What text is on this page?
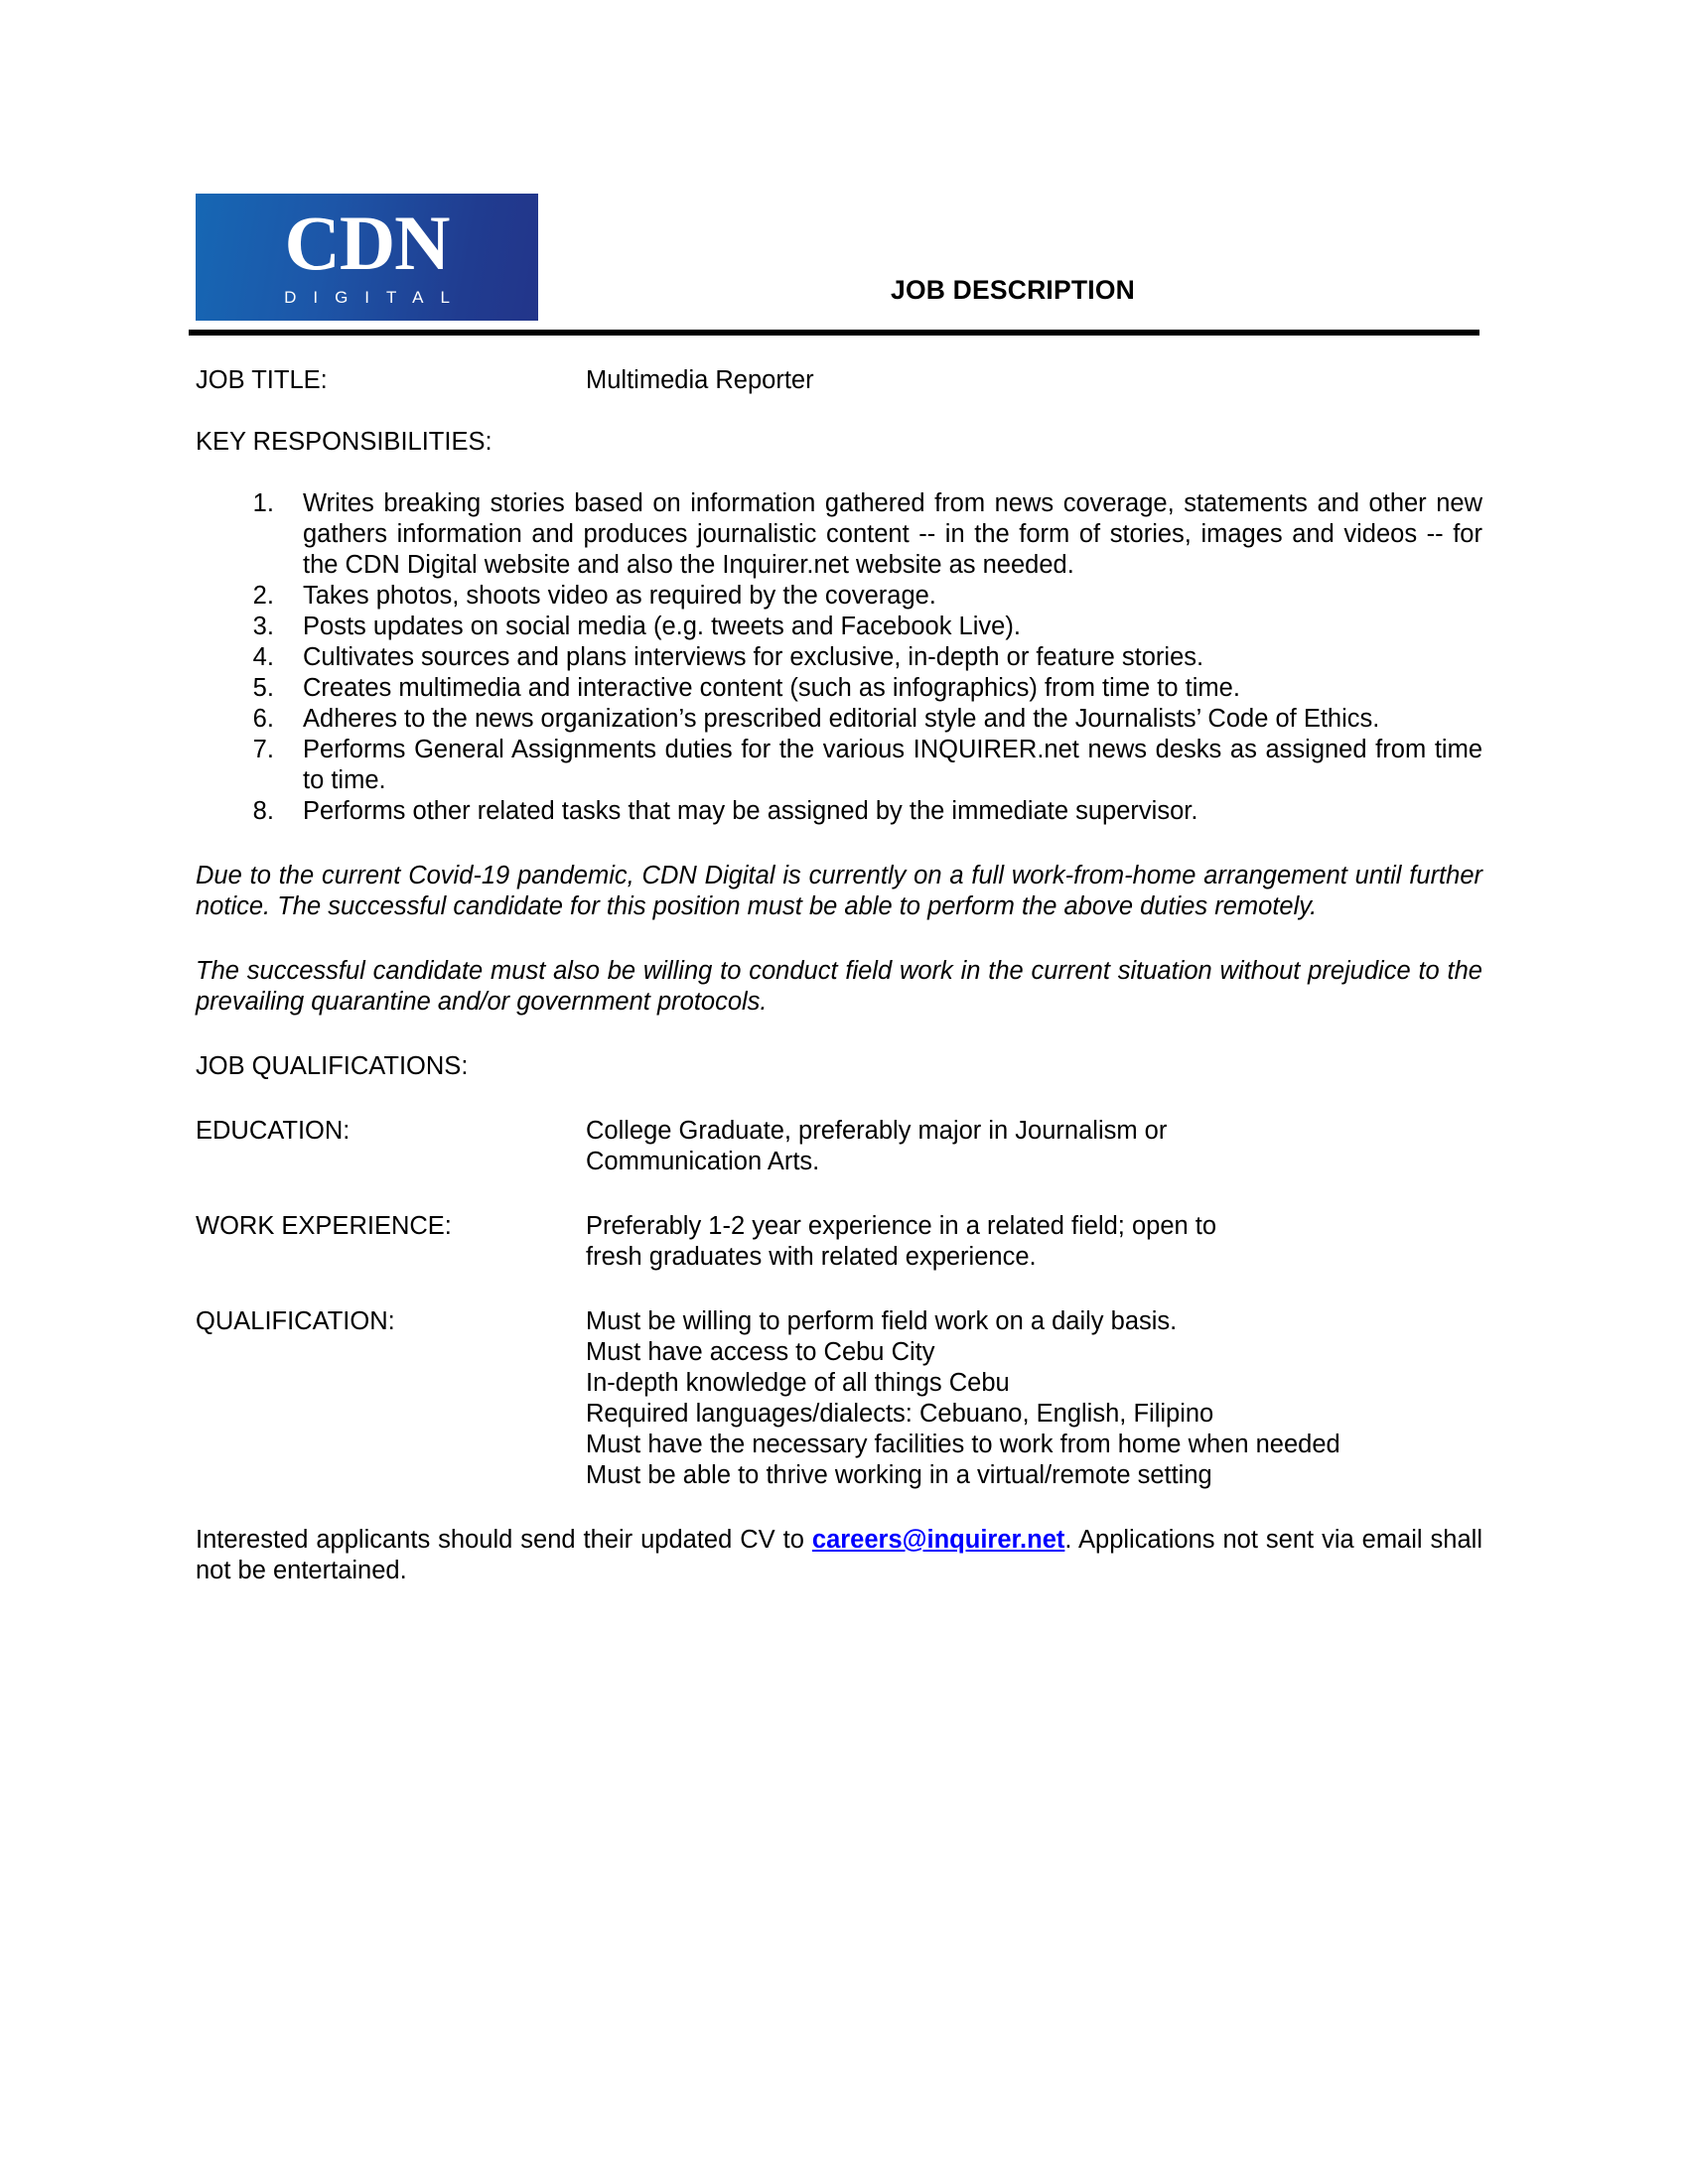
CDN
DIGITAL	JOB DESCRIPTION
JOB TITLE:	Multimedia Reporter
KEY RESPONSIBILITIES:
1. Writes breaking stories based on information gathered from news coverage, statements and other new gathers information and produces journalistic content -- in the form of stories, images and videos -- for the CDN Digital website and also the Inquirer.net website as needed.
2. Takes photos, shoots video as required by the coverage.
3. Posts updates on social media (e.g. tweets and Facebook Live).
4. Cultivates sources and plans interviews for exclusive, in-depth or feature stories.
5. Creates multimedia and interactive content (such as infographics) from time to time.
6. Adheres to the news organization’s prescribed editorial style and the Journalists’ Code of Ethics.
7. Performs General Assignments duties for the various INQUIRER.net news desks as assigned from time to time.
8. Performs other related tasks that may be assigned by the immediate supervisor.

Due to the current Covid-19 pandemic, CDN Digital is currently on a full work-from-home arrangement until further notice. The successful candidate for this position must be able to perform the above duties remotely.

The successful candidate must also be willing to conduct field work in the current situation without prejudice to the prevailing quarantine and/or government protocols.

JOB QUALIFICATIONS:
EDUCATION:	College Graduate, preferably major in Journalism or
Communication Arts.
WORK EXPERIENCE:	Preferably 1-2 year experience in a related field; open to
fresh graduates with related experience.
QUALIFICATION:	Must be willing to perform field work on a daily basis.
Must have access to Cebu City
In-depth knowledge of all things Cebu
Required languages/dialects: Cebuano, English, Filipino
Must have the necessary facilities to work from home when needed
Must be able to thrive working in a virtual/remote setting

Interested applicants should send their updated CV to careers@inquirer.net. Applications not sent via email shall not be entertained.
